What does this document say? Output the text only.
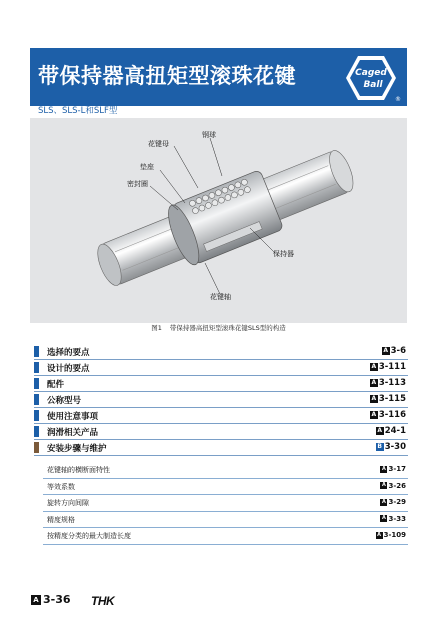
带保持器高扭矩型滚珠花键	Caged
Ball
®
SLS、SLS-L和SLF型
花键母
钢球
垫座
密封圈
保持器
花键轴
图1 带保持器高扭矩型滚珠花键SLS型的构造
选择的要点	A 3-6
设计的要点	A 3-111
配件	A 3-113
公称型号	A 3-115
使用注意事项	A 3-116
润滑相关产品	A 24-1
安装步骤与维护	B 3-30
花键轴的横断面特性	A 3-17
等效系数	A 3-26
旋转方向间隙	A 3-29
精度规格	A 3-33
按精度分类的最大制造长度	A 3-109
A 3-36 THK
